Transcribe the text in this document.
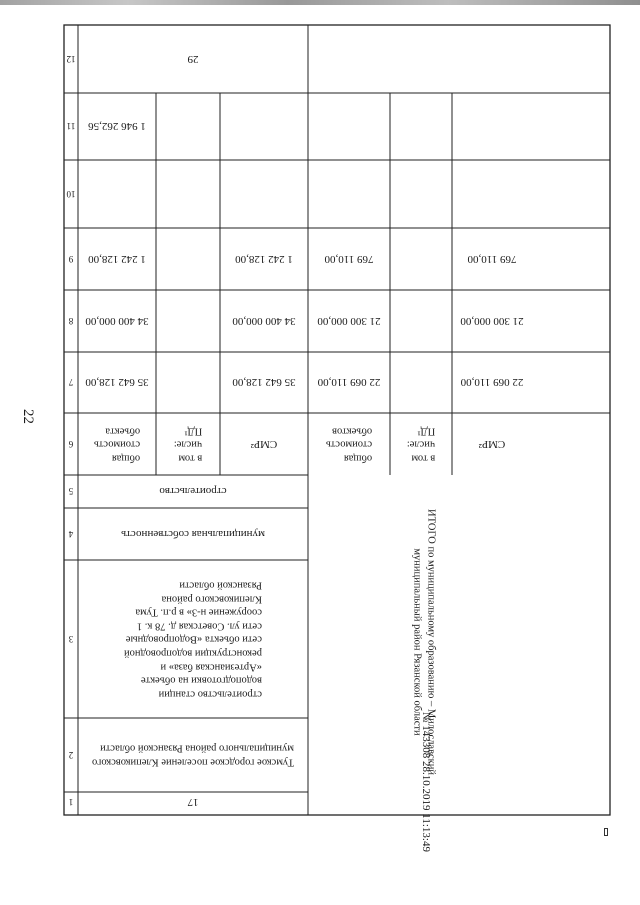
22
1
2
3
4
5
6
7
8
9
10
11
12
17
Тумское городское поселение Клепиковского
муниципального района Рязанской области
строительство станции
водоподготовки на объекте
«Артезианская база» и
реконструкции водопроводной
сети объекта «Водопроводные
сети ул. Советская д. 78 к. 1
сооружение н-3» в р.п. Тума
Клепиковского района
Рязанской области
муниципальная собственность
строительство
общая
стоимость
объекта
в том
числе:
ПД¹
СМР²
35 642 128,00
34 400 000,00
1 242 128,00
1 946 262,56
29
35 642 128,00
34 400 000,00
1 242 128,00
ИТОГО по муниципальному образованию – Милославский
муниципальный район Рязанской области
общая
стоимость
объектов
в том
числе:
ПД¹
СМР²
22 069 110,00
21 300 000,00
769 110,00
22 069 110,00
21 300 000,00
769 110,00
№ 143308 28.10.2019 11:13:49
